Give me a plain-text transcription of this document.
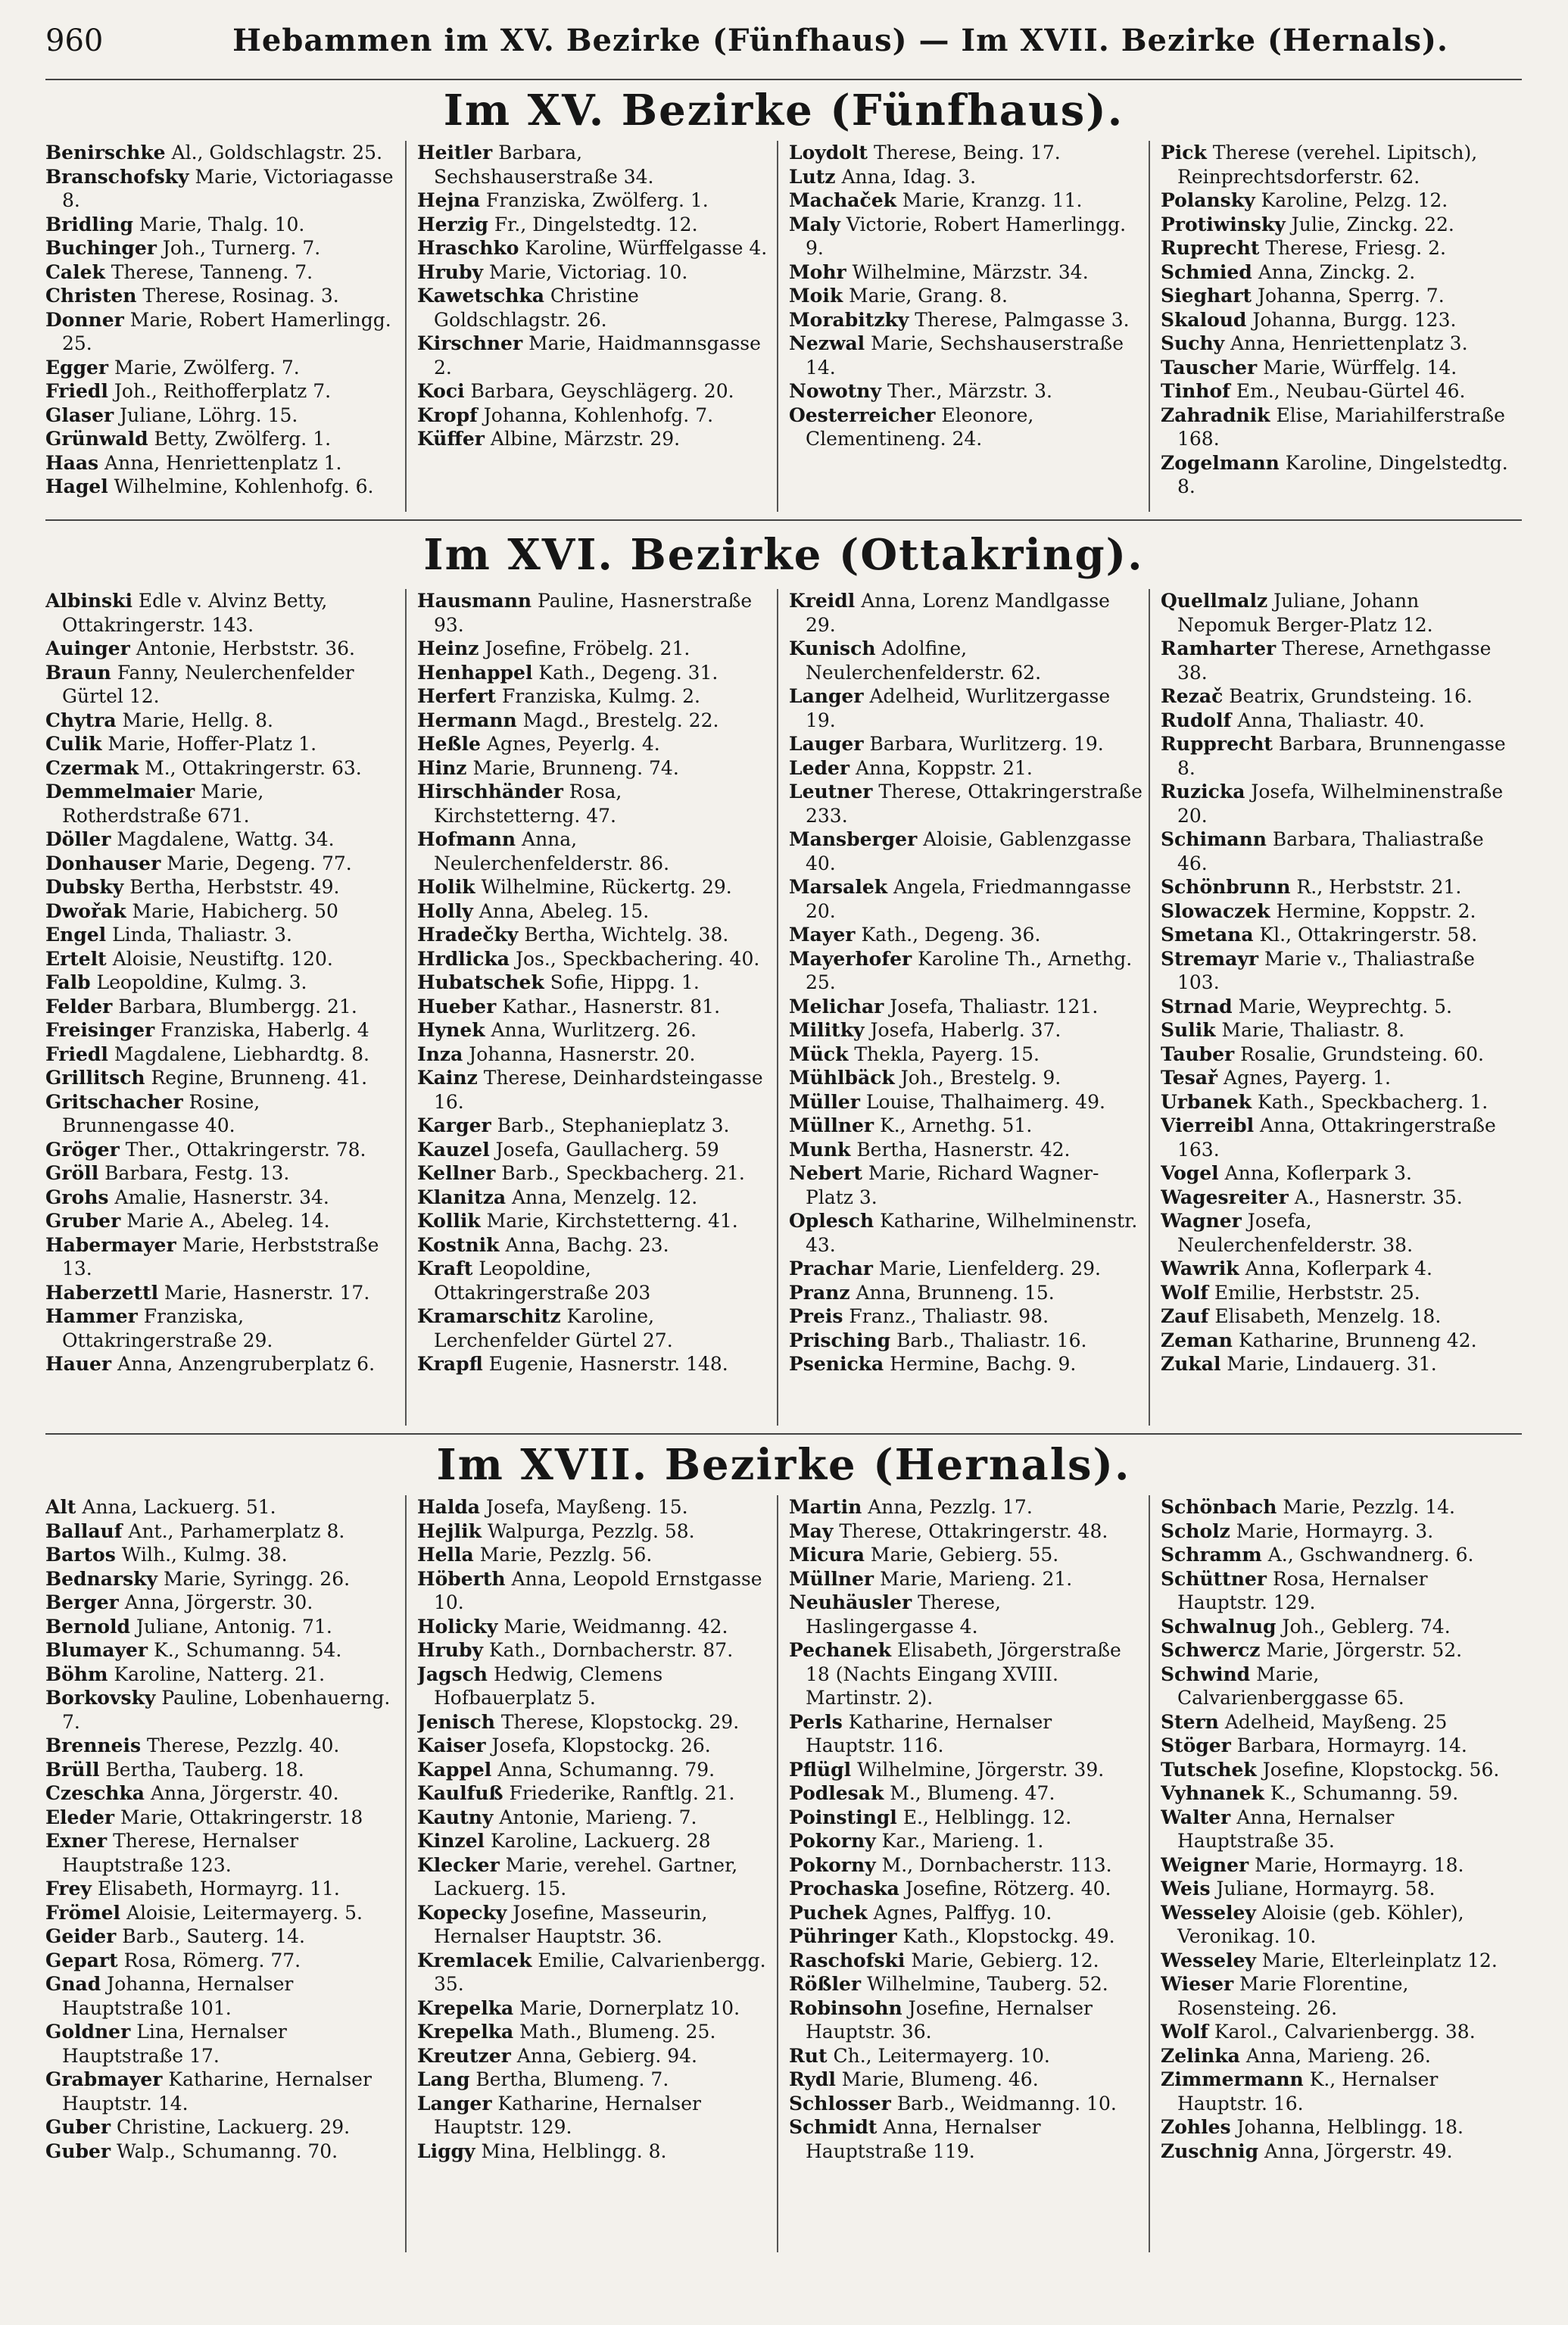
960	Hebammen im XV. Bezirke (Fünfhaus) — Im XVII. Bezirke (Hernals).
Im XV. Bezirke (Fünfhaus).
Benirschke Al., Goldschlagstr. 25.
Branschofsky Marie, Victoriagasse 8.
Bridling Marie, Thalg. 10.
Buchinger Joh., Turnerg. 7.
Calek Therese, Tanneng. 7.
Christen Therese, Rosinag. 3.
Donner Marie, Robert Hamerlingg. 25.
Egger Marie, Zwölferg. 7.
Friedl Joh., Reithofferplatz 7.
Glaser Juliane, Löhrg. 15.
Grünwald Betty, Zwölferg. 1.
Haas Anna, Henriettenplatz 1.
Hagel Wilhelmine, Kohlenhofg. 6.
Heitler Barbara, Sechshauserstraße 34.
Hejna Franziska, Zwölferg. 1.
Herzig Fr., Dingelstedtg. 12.
Hraschko Karoline, Würffelgasse 4.
Hruby Marie, Victoriag. 10.
Kawetschka Christine Goldschlagstr. 26.
Kirschner Marie, Haidmannsgasse 2.
Koci Barbara, Geyschlägerg. 20.
Kropf Johanna, Kohlenhofg. 7.
Küffer Albine, Märzstr. 29.
Loydolt Therese, Being. 17.
Lutz Anna, Idag. 3.
Machaček Marie, Kranzg. 11.
Maly Victorie, Robert Hamerlingg. 9.
Mohr Wilhelmine, Märzstr. 34.
Moik Marie, Grang. 8.
Morabitzky Therese, Palmgasse 3.
Nezwal Marie, Sechshauserstraße 14.
Nowotny Ther., Märzstr. 3.
Oesterreicher Eleonore, Clementineng. 24.
Pick Therese (verehel. Lipitsch), Reinprechtsdorferstr. 62.
Polansky Karoline, Pelzg. 12.
Protiwinsky Julie, Zinckg. 22.
Ruprecht Therese, Friesg. 2.
Schmied Anna, Zinckg. 2.
Sieghart Johanna, Sperrg. 7.
Skaloud Johanna, Burgg. 123.
Suchy Anna, Henriettenplatz 3.
Tauscher Marie, Würffelg. 14.
Tinhof Em., Neubau-Gürtel 46.
Zahradnik Elise, Mariahilferstraße 168.
Zogelmann Karoline, Dingelstedtg. 8.
Im XVI. Bezirke (Ottakring).
Albinski Edle v. Alvinz Betty, Ottakringerstr. 143.
Auinger Antonie, Herbststr. 36.
Braun Fanny, Neulerchenfelder Gürtel 12.
Chytra Marie, Hellg. 8.
Culik Marie, Hoffer-Platz 1.
Czermak M., Ottakringerstr. 63.
Demmelmaier Marie, Rotherdstraße 671.
Döller Magdalene, Wattg. 34.
Donhauser Marie, Degeng. 77.
Dubsky Bertha, Herbststr. 49.
Dwořak Marie, Habicherg. 50
Engel Linda, Thaliastr. 3.
Ertelt Aloisie, Neustiftg. 120.
Falb Leopoldine, Kulmg. 3.
Felder Barbara, Blumbergg. 21.
Freisinger Franziska, Haberlg. 4
Friedl Magdalene, Liebhardtg. 8.
Grillitsch Regine, Brunneng. 41.
Gritschacher Rosine, Brunnengasse 40.
Gröger Ther., Ottakringerstr. 78.
Gröll Barbara, Festg. 13.
Grohs Amalie, Hasnerstr. 34.
Gruber Marie A., Abeleg. 14.
Habermayer Marie, Herbststraße 13.
Haberzettl Marie, Hasnerstr. 17.
Hammer Franziska, Ottakringerstraße 29.
Hauer Anna, Anzengruberplatz 6.
Hausmann Pauline, Hasnerstraße 93.
Heinz Josefine, Fröbelg. 21.
Henhappel Kath., Degeng. 31.
Herfert Franziska, Kulmg. 2.
Hermann Magd., Brestelg. 22.
Heßle Agnes, Peyerlg. 4.
Hinz Marie, Brunneng. 74.
Hirschhänder Rosa, Kirchstetterng. 47.
Hofmann Anna, Neulerchenfelderstr. 86.
Holik Wilhelmine, Rückertg. 29.
Holly Anna, Abeleg. 15.
Hradečky Bertha, Wichtelg. 38.
Hrdlicka Jos., Speckbachering. 40.
Hubatschek Sofie, Hippg. 1.
Hueber Kathar., Hasnerstr. 81.
Hynek Anna, Wurlitzerg. 26.
Inza Johanna, Hasnerstr. 20.
Kainz Therese, Deinhardsteingasse 16.
Karger Barb., Stephanieplatz 3.
Kauzel Josefa, Gaullacherg. 59
Kellner Barb., Speckbacherg. 21.
Klanitza Anna, Menzelg. 12.
Kollik Marie, Kirchstetterng. 41.
Kostnik Anna, Bachg. 23.
Kraft Leopoldine, Ottakringerstraße 203
Kramarschitz Karoline, Lerchenfelder Gürtel 27.
Krapfl Eugenie, Hasnerstr. 148.
Kreidl Anna, Lorenz Mandlgasse 29.
Kunisch Adolfine, Neulerchenfelderstr. 62.
Langer Adelheid, Wurlitzergasse 19.
Lauger Barbara, Wurlitzerg. 19.
Leder Anna, Koppstr. 21.
Leutner Therese, Ottakringerstraße 233.
Mansberger Aloisie, Gablenzgasse 40.
Marsalek Angela, Friedmanngasse 20.
Mayer Kath., Degeng. 36.
Mayerhofer Karoline Th., Arnethg. 25.
Melichar Josefa, Thaliastr. 121.
Militky Josefa, Haberlg. 37.
Mück Thekla, Payerg. 15.
Mühlbäck Joh., Brestelg. 9.
Müller Louise, Thalhaimerg. 49.
Müllner K., Arnethg. 51.
Munk Bertha, Hasnerstr. 42.
Nebert Marie, Richard Wagner-Platz 3.
Oplesch Katharine, Wilhelminenstr. 43.
Prachar Marie, Lienfelderg. 29.
Pranz Anna, Brunneng. 15.
Preis Franz., Thaliastr. 98.
Prisching Barb., Thaliastr. 16.
Psenicka Hermine, Bachg. 9.
Quellmalz Juliane, Johann Nepomuk Berger-Platz 12.
Ramharter Therese, Arnethgasse 38.
Rezač Beatrix, Grundsteing. 16.
Rudolf Anna, Thaliastr. 40.
Rupprecht Barbara, Brunnengasse 8.
Ruzicka Josefa, Wilhelminenstraße 20.
Schimann Barbara, Thaliastraße 46.
Schönbrunn R., Herbststr. 21.
Slowaczek Hermine, Koppstr. 2.
Smetana Kl., Ottakringerstr. 58.
Stremayr Marie v., Thaliastraße 103.
Strnad Marie, Weyprechtg. 5.
Sulik Marie, Thaliastr. 8.
Tauber Rosalie, Grundsteing. 60.
Tesař Agnes, Payerg. 1.
Urbanek Kath., Speckbacherg. 1.
Vierreibl Anna, Ottakringerstraße 163.
Vogel Anna, Koflerpark 3.
Wagesreiter A., Hasnerstr. 35.
Wagner Josefa, Neulerchenfelderstr. 38.
Wawrik Anna, Koflerpark 4.
Wolf Emilie, Herbststr. 25.
Zauf Elisabeth, Menzelg. 18.
Zeman Katharine, Brunneng 42.
Zukal Marie, Lindauerg. 31.
Im XVII. Bezirke (Hernals).
Alt Anna, Lackuerg. 51.
Ballauf Ant., Parhamerplatz 8.
Bartos Wilh., Kulmg. 38.
Bednarsky Marie, Syringg. 26.
Berger Anna, Jörgerstr. 30.
Bernold Juliane, Antonig. 71.
Blumayer K., Schumanng. 54.
Böhm Karoline, Natterg. 21.
Borkovsky Pauline, Lobenhauerng. 7.
Brenneis Therese, Pezzlg. 40.
Brüll Bertha, Tauberg. 18.
Czeschka Anna, Jörgerstr. 40.
Eleder Marie, Ottakringerstr. 18
Exner Therese, Hernalser Hauptstraße 123.
Frey Elisabeth, Hormayrg. 11.
Frömel Aloisie, Leitermayerg. 5.
Geider Barb., Sauterg. 14.
Gepart Rosa, Römerg. 77.
Gnad Johanna, Hernalser Hauptstraße 101.
Goldner Lina, Hernalser Hauptstraße 17.
Grabmayer Katharine, Hernalser Hauptstr. 14.
Guber Christine, Lackuerg. 29.
Guber Walp., Schumanng. 70.
Halda Josefa, Mayßeng. 15.
Hejlik Walpurga, Pezzlg. 58.
Hella Marie, Pezzlg. 56.
Höberth Anna, Leopold Ernstgasse 10.
Holicky Marie, Weidmanng. 42.
Hruby Kath., Dornbacherstr. 87.
Jagsch Hedwig, Clemens Hofbauerplatz 5.
Jenisch Therese, Klopstockg. 29.
Kaiser Josefa, Klopstockg. 26.
Kappel Anna, Schumanng. 79.
Kaulfuß Friederike, Ranftlg. 21.
Kautny Antonie, Marieng. 7.
Kinzel Karoline, Lackuerg. 28
Klecker Marie, verehel. Gartner, Lackuerg. 15.
Kopecky Josefine, Masseurin, Hernalser Hauptstr. 36.
Kremlacek Emilie, Calvarienbergg. 35.
Krepelka Marie, Dornerplatz 10.
Krepelka Math., Blumeng. 25.
Kreutzer Anna, Gebierg. 94.
Lang Bertha, Blumeng. 7.
Langer Katharine, Hernalser Hauptstr. 129.
Liggy Mina, Helblingg. 8.
Martin Anna, Pezzlg. 17.
May Therese, Ottakringerstr. 48.
Micura Marie, Gebierg. 55.
Müllner Marie, Marieng. 21.
Neuhäusler Therese, Haslingergasse 4.
Pechanek Elisabeth, Jörgerstraße 18 (Nachts Eingang XVIII. Martinstr. 2).
Perls Katharine, Hernalser Hauptstr. 116.
Pflügl Wilhelmine, Jörgerstr. 39.
Podlesak M., Blumeng. 47.
Poinstingl E., Helblingg. 12.
Pokorny Kar., Marieng. 1.
Pokorny M., Dornbacherstr. 113.
Prochaska Josefine, Rötzerg. 40.
Puchek Agnes, Palffyg. 10.
Pühringer Kath., Klopstockg. 49.
Raschofski Marie, Gebierg. 12.
Rößler Wilhelmine, Tauberg. 52.
Robinsohn Josefine, Hernalser Hauptstr. 36.
Rut Ch., Leitermayerg. 10.
Rydl Marie, Blumeng. 46.
Schlosser Barb., Weidmanng. 10.
Schmidt Anna, Hernalser Hauptstraße 119.
Schönbach Marie, Pezzlg. 14.
Scholz Marie, Hormayrg. 3.
Schramm A., Gschwandnerg. 6.
Schüttner Rosa, Hernalser Hauptstr. 129.
Schwalnug Joh., Geblerg. 74.
Schwercz Marie, Jörgerstr. 52.
Schwind Marie, Calvarienberggasse 65.
Stern Adelheid, Mayßeng. 25
Stöger Barbara, Hormayrg. 14.
Tutschek Josefine, Klopstockg. 56.
Vyhnanek K., Schumanng. 59.
Walter Anna, Hernalser Hauptstraße 35.
Weigner Marie, Hormayrg. 18.
Weis Juliane, Hormayrg. 58.
Wesseley Aloisie (geb. Köhler), Veronikag. 10.
Wesseley Marie, Elterleinplatz 12.
Wieser Marie Florentine, Rosensteing. 26.
Wolf Karol., Calvarienbergg. 38.
Zelinka Anna, Marieng. 26.
Zimmermann K., Hernalser Hauptstr. 16.
Zohles Johanna, Helblingg. 18.
Zuschnig Anna, Jörgerstr. 49.
